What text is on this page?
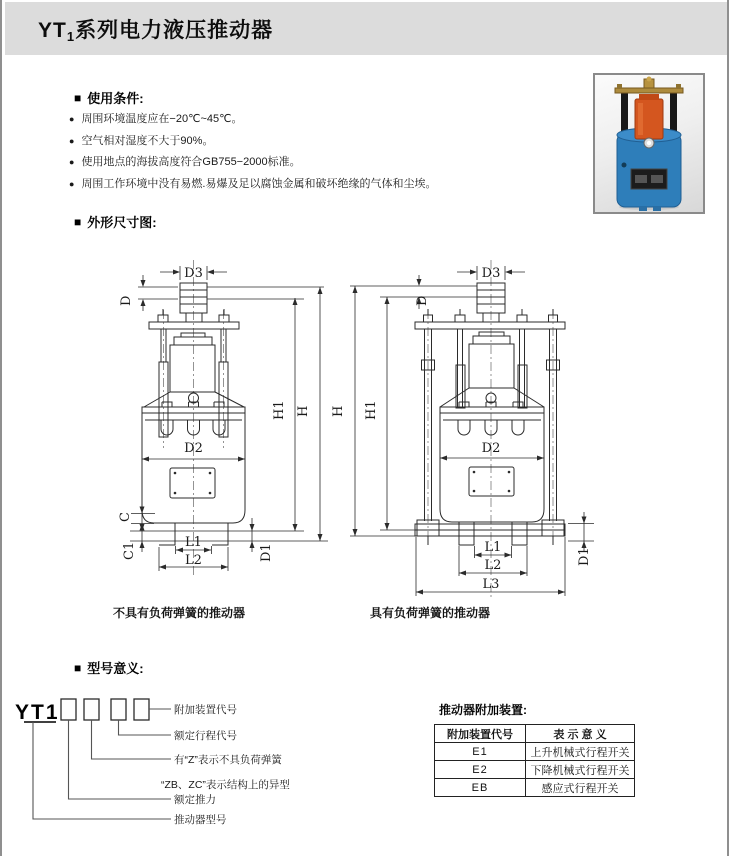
$YT_1$系列电力液压推动器
■ 使用条件:
● 周围环境温度应在−20℃~45℃。
● 空气相对湿度不大于90%。
● 使用地点的海拔高度符合GB755−2000标准。
● 周围工作环境中没有易燃.易爆及足以腐蚀金属和破坏绝缘的气体和尘埃。
■ 外形尺寸图:
D3
D
D2
C
C1	D1
L1
L2
H1 H
D3
D
D2
H H1
D1
L1
L2
L3
不具有负荷弹簧的推动器	具有负荷弹簧的推动器
■ 型号意义:
YT1	附加装置代号
额定行程代号
有“Z”表示不具负荷弹簧
“ZB、ZC”表示结构上的异型
额定推力
推动器型号
推动器附加装置:
附加装置代号	表 示 意 义
E1	上升机械式行程开关
E2	下降机械式行程开关
EB	感应式行程开关
